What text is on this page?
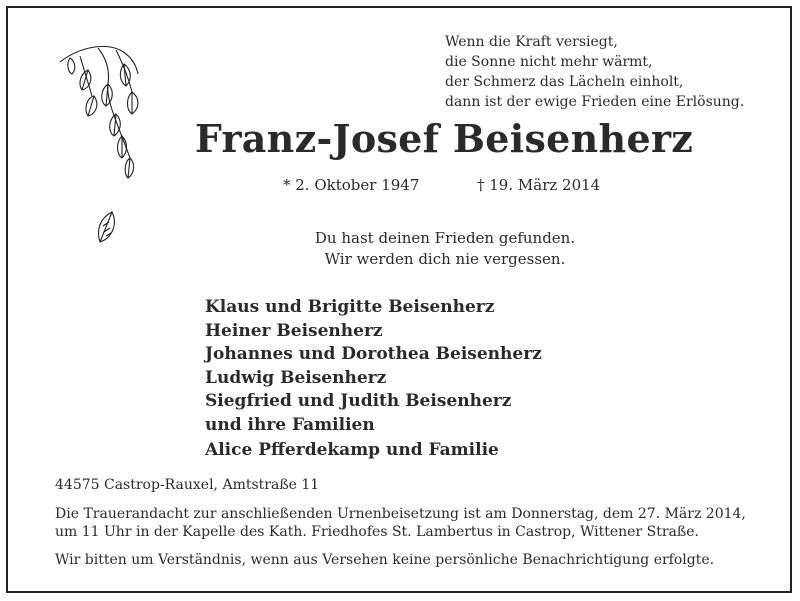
Wenn die Kraft versiegt,
die Sonne nicht mehr wärmt,
der Schmerz das Lächeln einholt,
dann ist der ewige Frieden eine Erlösung.
Franz-Josef Beisenherz
* 2. Oktober 1947	† 19. März 2014
Du hast deinen Frieden gefunden.
Wir werden dich nie vergessen.
Klaus und Brigitte Beisenherz
Heiner Beisenherz
Johannes und Dorothea Beisenherz
Ludwig Beisenherz
Siegfried und Judith Beisenherz
und ihre Familien
Alice Pfferdekamp und Familie
44575 Castrop-Rauxel, Amtstraße 11
Die Trauerandacht zur anschließenden Urnenbeisetzung ist am Donnerstag, dem 27. März 2014,
um 11 Uhr in der Kapelle des Kath. Friedhofes St. Lambertus in Castrop, Wittener Straße.
Wir bitten um Verständnis, wenn aus Versehen keine persönliche Benachrichtigung erfolgte.
